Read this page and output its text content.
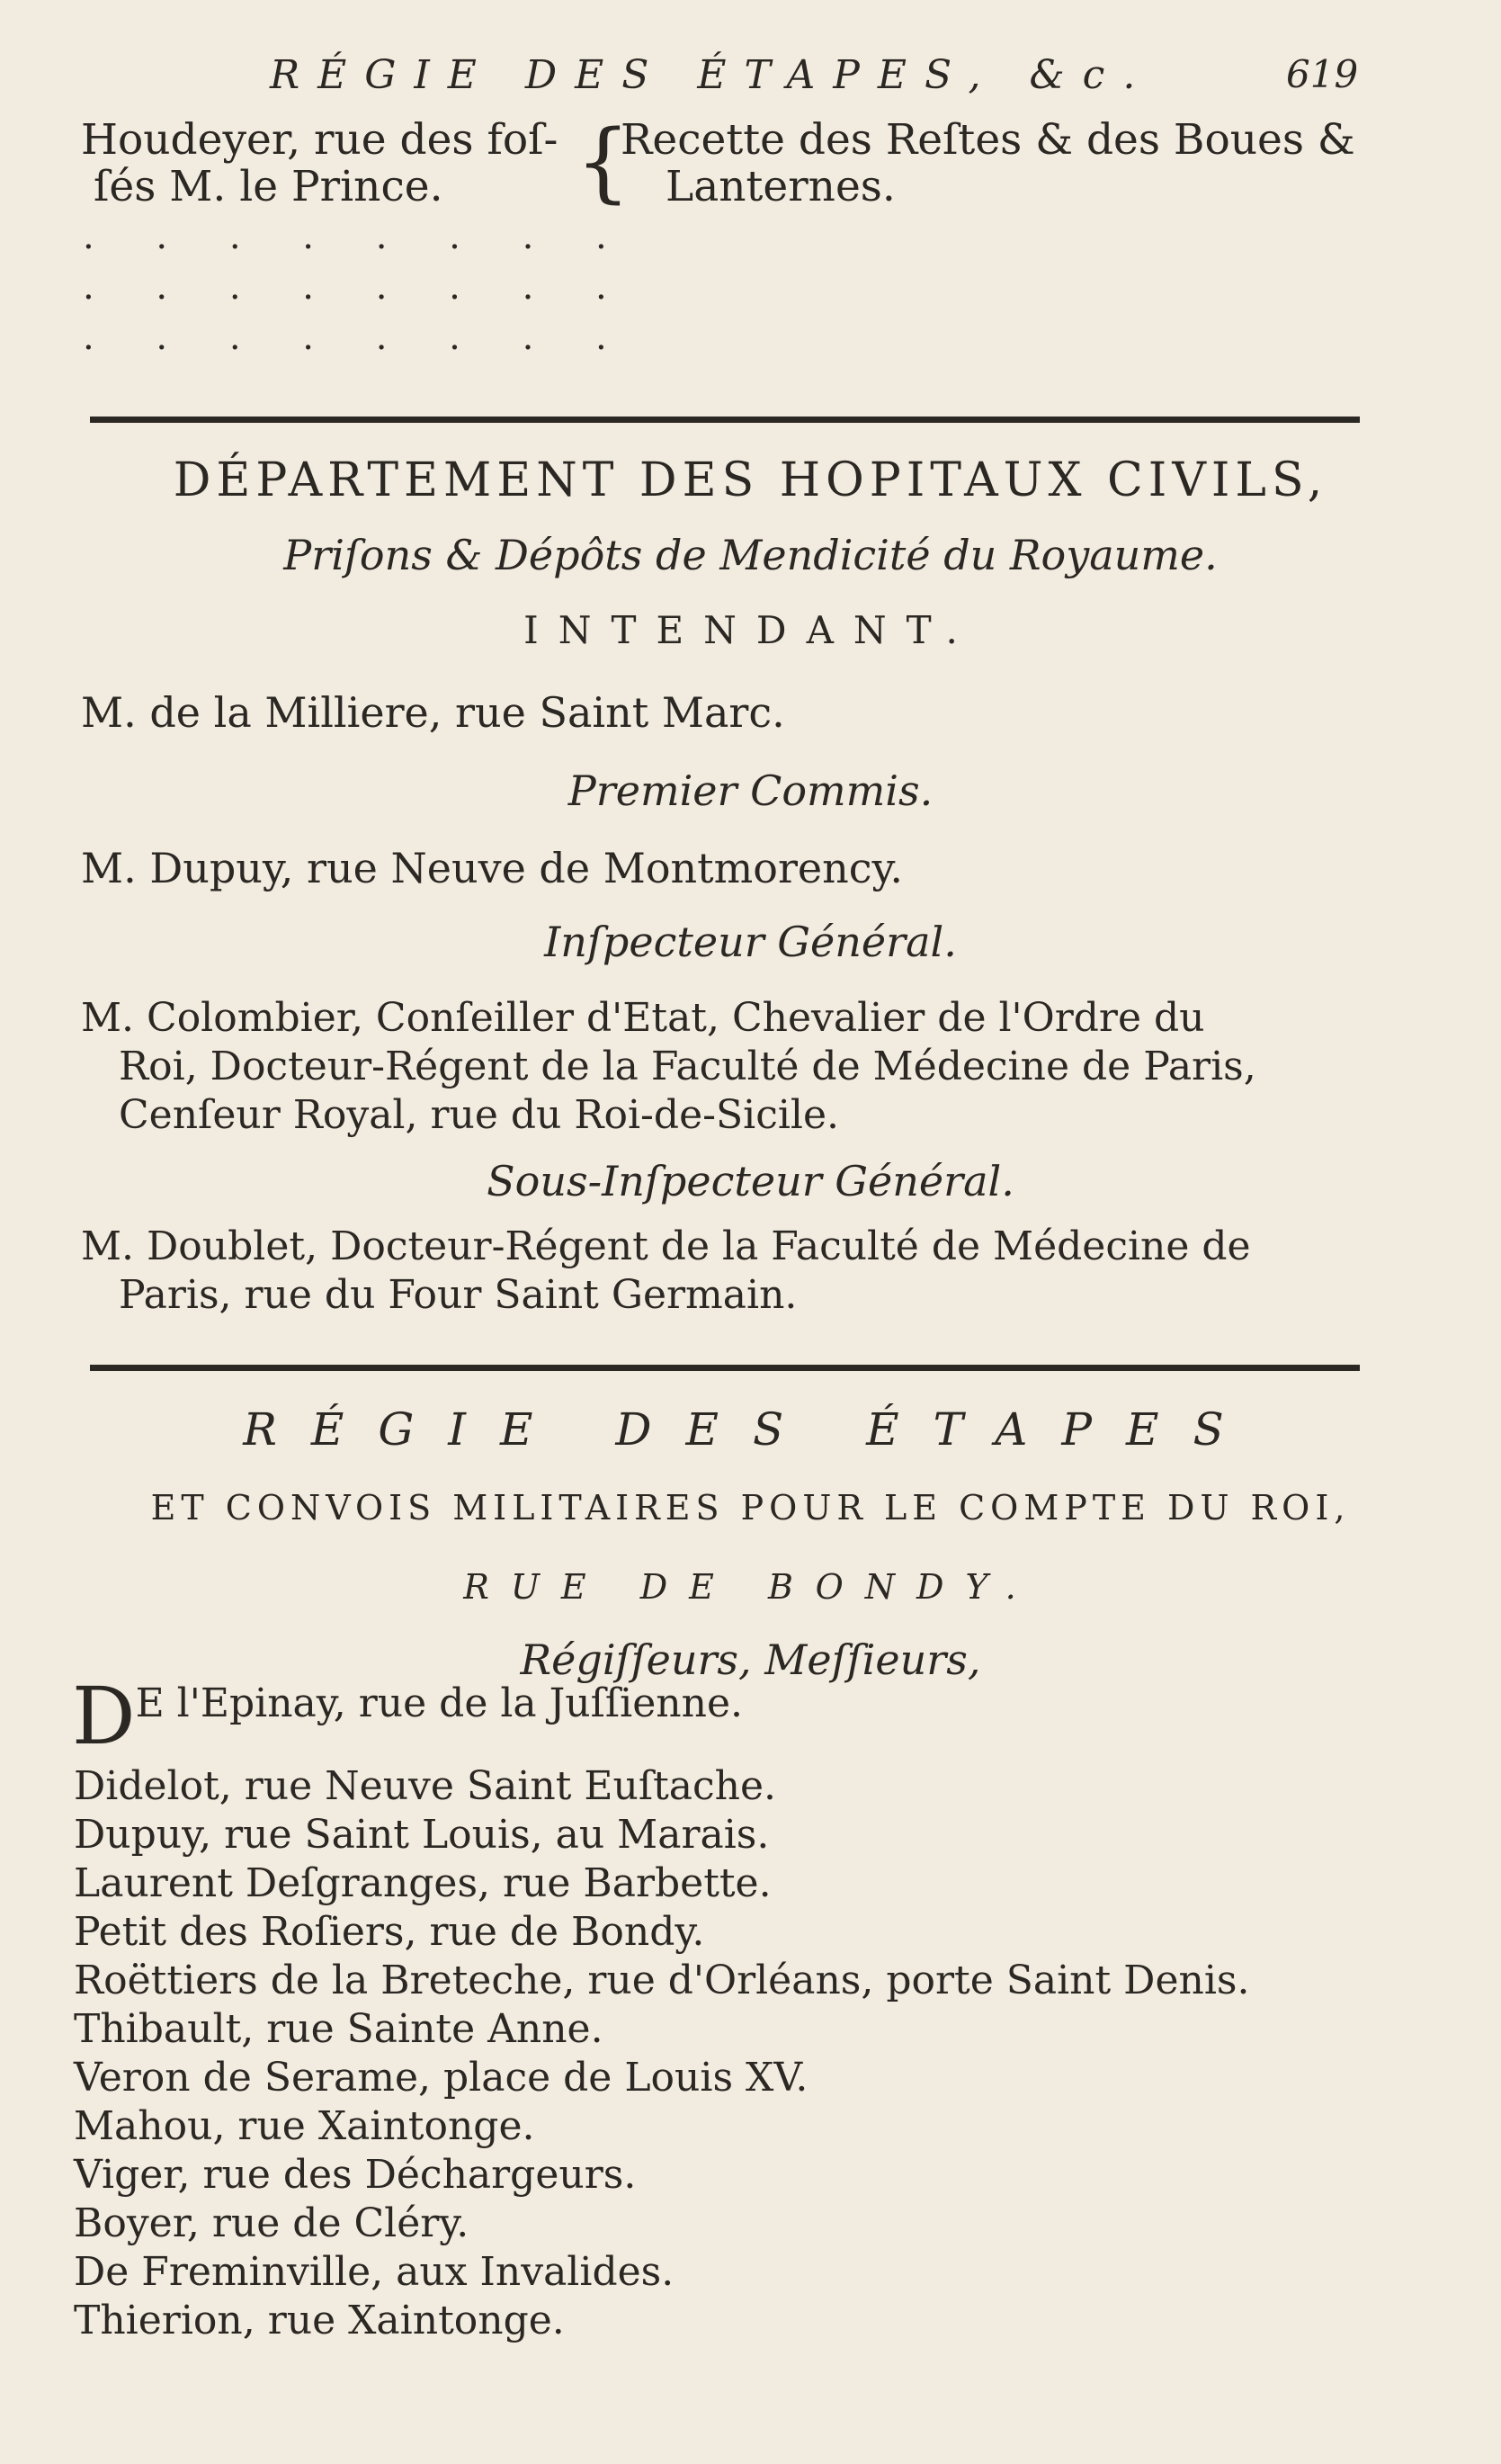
RÉGIE DES ÉTAPES, &c.	619
Houdeyer, rue des foſ-
ſés M. le Prince. {
Recette des Reſtes & des Boues &
Lanternes.
. . . . . . . .
. . . . . . . .
. . . . . . . .
DÉPARTEMENT DES HOPITAUX CIVILS,
Priſons & Dépôts de Mendicité du Royaume.
INTENDANT.
M. de la Milliere, rue Saint Marc.
Premier Commis.
M. Dupuy, rue Neuve de Montmorency.
Inſpecteur Général.
M. Colombier, Conſeiller d'Etat, Chevalier de l'Ordre du
Roi, Docteur-Régent de la Faculté de Médecine de Paris,
Cenſeur Royal, rue du Roi-de-Sicile.
Sous-Inſpecteur Général.
M. Doublet, Docteur-Régent de la Faculté de Médecine de
Paris, rue du Four Saint Germain.
RÉGIE DES ÉTAPES
ET CONVOIS MILITAIRES POUR LE COMPTE DU ROI,
RUE DE BONDY.
Régiſſeurs, Meſſieurs,
DE l'Epinay, rue de la Juſſienne.
Didelot, rue Neuve Saint Euſtache.
Dupuy, rue Saint Louis, au Marais.
Laurent Deſgranges, rue Barbette.
Petit des Roſiers, rue de Bondy.
Roëttiers de la Breteche, rue d'Orléans, porte Saint Denis.
Thibault, rue Sainte Anne.
Veron de Serame, place de Louis XV.
Mahou, rue Xaintonge.
Viger, rue des Déchargeurs.
Boyer, rue de Cléry.
De Freminville, aux Invalides.
Thierion, rue Xaintonge.
